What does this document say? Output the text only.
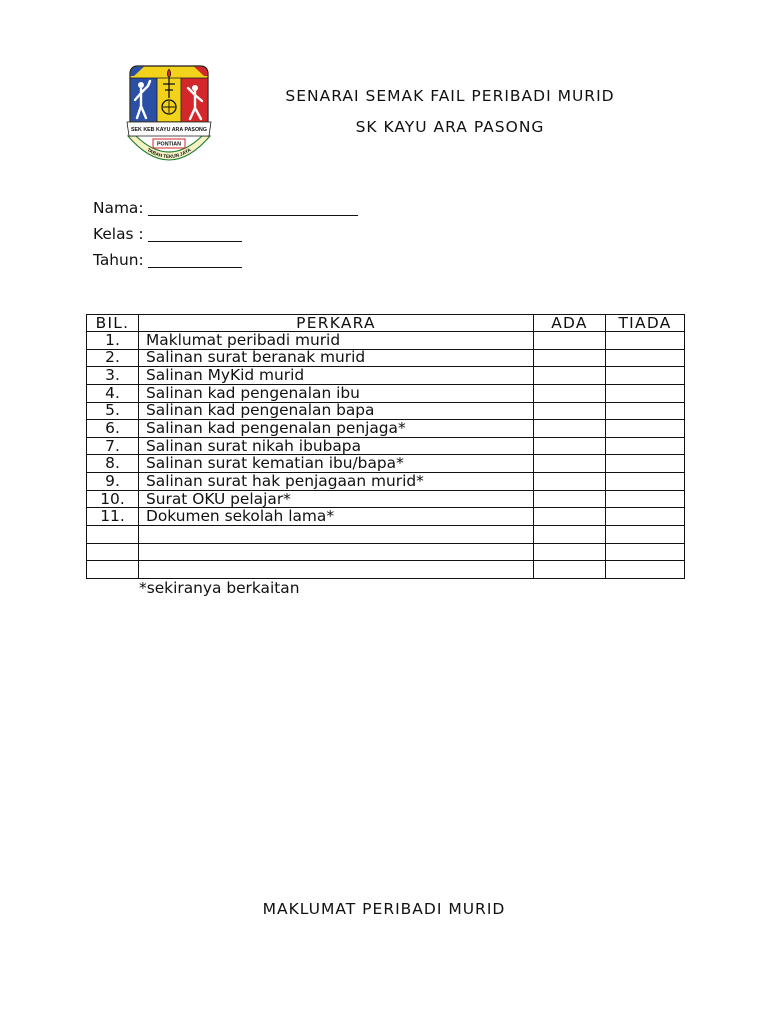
SEK KEB KAYU ARA PASONG
PONTIAN
TABAH TEKUN JAYA
SENARAI SEMAK FAIL PERIBADI MURID
SK KAYU ARA PASONG
Nama:
Kelas :
Tahun:
BIL.	PERKARA	ADA	TIADA
1.	Maklumat peribadi murid		
2.	Salinan surat beranak murid		
3.	Salinan MyKid murid		
4.	Salinan kad pengenalan ibu		
5.	Salinan kad pengenalan bapa		
6.	Salinan kad pengenalan penjaga*		
7.	Salinan surat nikah ibubapa		
8.	Salinan surat kematian ibu/bapa*		
9.	Salinan surat hak penjagaan murid*		
10.	Surat OKU pelajar*		
11.	Dokumen sekolah lama*		

*sekiranya berkaitan
MAKLUMAT PERIBADI MURID
